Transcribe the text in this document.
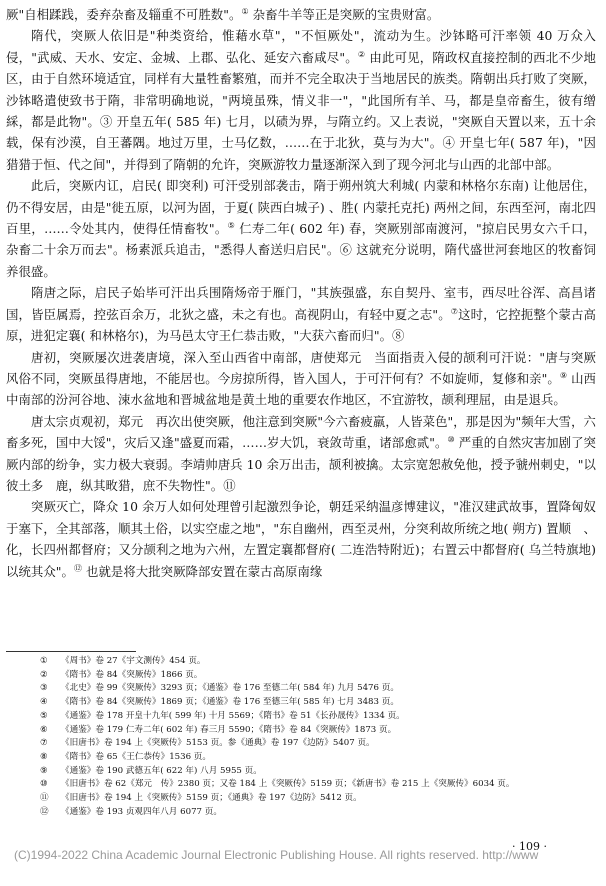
厥"自相蹂践，委弃杂畜及辎重不可胜数"。① 杂畜牛羊等正是突厥的宝贵财富。

隋代，突厥人依旧是"种类资给，惟藉水草"，"不恒厥处"，流动为生。沙钵略可汗率领 40 万众入侵，"武威、天水、安定、金城、上郡、弘化、延安六畜咸尽"。② 由此可见，隋政权直接控制的西北不少地区，由于自然环境适宜，同样有大量牲畜繁殖，而并不完全取决于当地居民的族类。隋朝出兵打败了突厥，沙钵略遣使致书于隋，非常明确地说，"两境虽殊，情义非一"，"此国所有羊、马，都是皇帝畜生，彼有缯綵，都是此物"。③ 开皇五年( 585 年) 七月，以碛为界，与隋立约。又上表说，"突厥自天置以来，五十余载，保有沙漠，自王蕃隅。地过万里，士马亿数，……在于北狄，莫与为大"。④ 开皇七年( 587 年)，"因猎猎于恒、代之间"，并得到了隋朝的允许，突厥游牧力量逐渐深入到了现今河北与山西的北部中部。

此后，突厥内讧，启民( 即突利) 可汗受别部袭击，隋于朔州筑大利城( 内蒙和林格尔东南) 让他居住，仍不得安居，由是"徙五原，以河为固，于夏( 陕西白城子) 、胜( 内蒙托克托) 两州之间，东西至河，南北四百里，……令处其内，使得任情畜牧"。⑤ 仁寿二年( 602 年) 春，突厥别部南渡河，"掠启民男女六千口，杂畜二十余万而去"。杨素派兵追击，"悉得人畜送归启民"。⑥ 这就充分说明，隋代盛世河套地区的牧畜饲养很盛。

隋唐之际，启民子始毕可汗出兵围隋炀帝于雁门，"其族强盛，东自契丹、室韦，西尽吐谷浑、高昌诸国，皆臣属焉，控弦百余万，北狄之盛，未之有也。高视阴山，有轻中夏之志"。⑦这时，它控扼整个蒙古高原，进犯定襄( 和林格尔)，为马邑太守王仁恭击败，"大获六畜而归"。⑧

唐初，突厥屡次进袭唐境，深入至山西省中南部，唐使郑元　当面指责入侵的颉利可汗说："唐与突厥风俗不同，突厥虽得唐地，不能居也。今房掠所得，皆入国人，于可汗何有？不如旋师，复修和亲"。⑨ 山西中南部的汾河谷地、涑水盆地和晋城盆地是黄土地的重要农作地区，不宜游牧，颉利理屈，由是退兵。

唐太宗贞观初，郑元　再次出使突厥，他注意到突厥"今六畜疲羸，人皆菜色"，那是因为"频年大雪，六畜多死，国中大馁"，灾后又逢"盛夏而霜，……岁大饥，衰敛苛重，诸部愈贰"。⑩ 严重的自然灾害加剧了突厥内部的纷争，实力极大衰弱。李靖帅唐兵 10 余万出击，颉利被擒。太宗宽恕赦免他，授予虢州刺史，"以彼土多　鹿，纵其畋猎，庶不失物性"。⑪

突厥灭亡，降众 10 余万人如何处理曾引起激烈争论，朝廷采纳温彦博建议，"准汉建武故事，置降匈奴于塞下，全其部落，顺其土俗，以实空虚之地"，"东自幽州，西至灵州，分突利故所统之地( 朔方) 置顺　、化，长四州都督府；又分颉利之地为六州，左置定襄都督府( 二连浩特附近)；右置云中都督府( 乌兰特旗地) 以统其众"。⑫ 也就是将大批突厥降部安置在蒙古高原南缘

①	《周书》卷 27《宇文测传》454 页。
②	《隋书》卷 84《突厥传》1866 页。
③	《北史》卷 99《突厥传》3293 页；《通鉴》卷 176 至德二年( 584 年) 九月 5476 页。
④	《隋书》卷 84《突厥传》1869 页；《通鉴》卷 176 至德三年( 585 年) 七月 3483 页。
⑤	《通鉴》卷 178 开皇十九年( 599 年) 十月 5569；《隋书》卷 51《长孙晟传》1334 页。
⑥	《通鉴》卷 179 仁寿二年( 602 年) 春三月 5590；《隋书》卷 84《突厥传》1873 页。
⑦	《旧唐书》卷 194 上《突厥传》5153 页。参《通典》卷 197《边防》5407 页。
⑧	《隋书》卷 65《王仁恭传》1536 页。
⑨	《通鉴》卷 190 武德五年( 622 年) 八月 5955 页。
⑩	《旧唐书》卷 62《郑元　传》2380 页；又卷 184 上《突厥传》5159 页；《新唐书》卷 215 上《突厥传》6034 页。
⑪	《旧唐书》卷 194 上《突厥传》5159 页；《通典》卷 197《边防》5412 页。
⑫	《通鉴》卷 193 贞观四年八月 6077 页。
· 109 ·
(C)1994-2022 China Academic Journal Electronic Publishing House. All rights reserved. http://www
